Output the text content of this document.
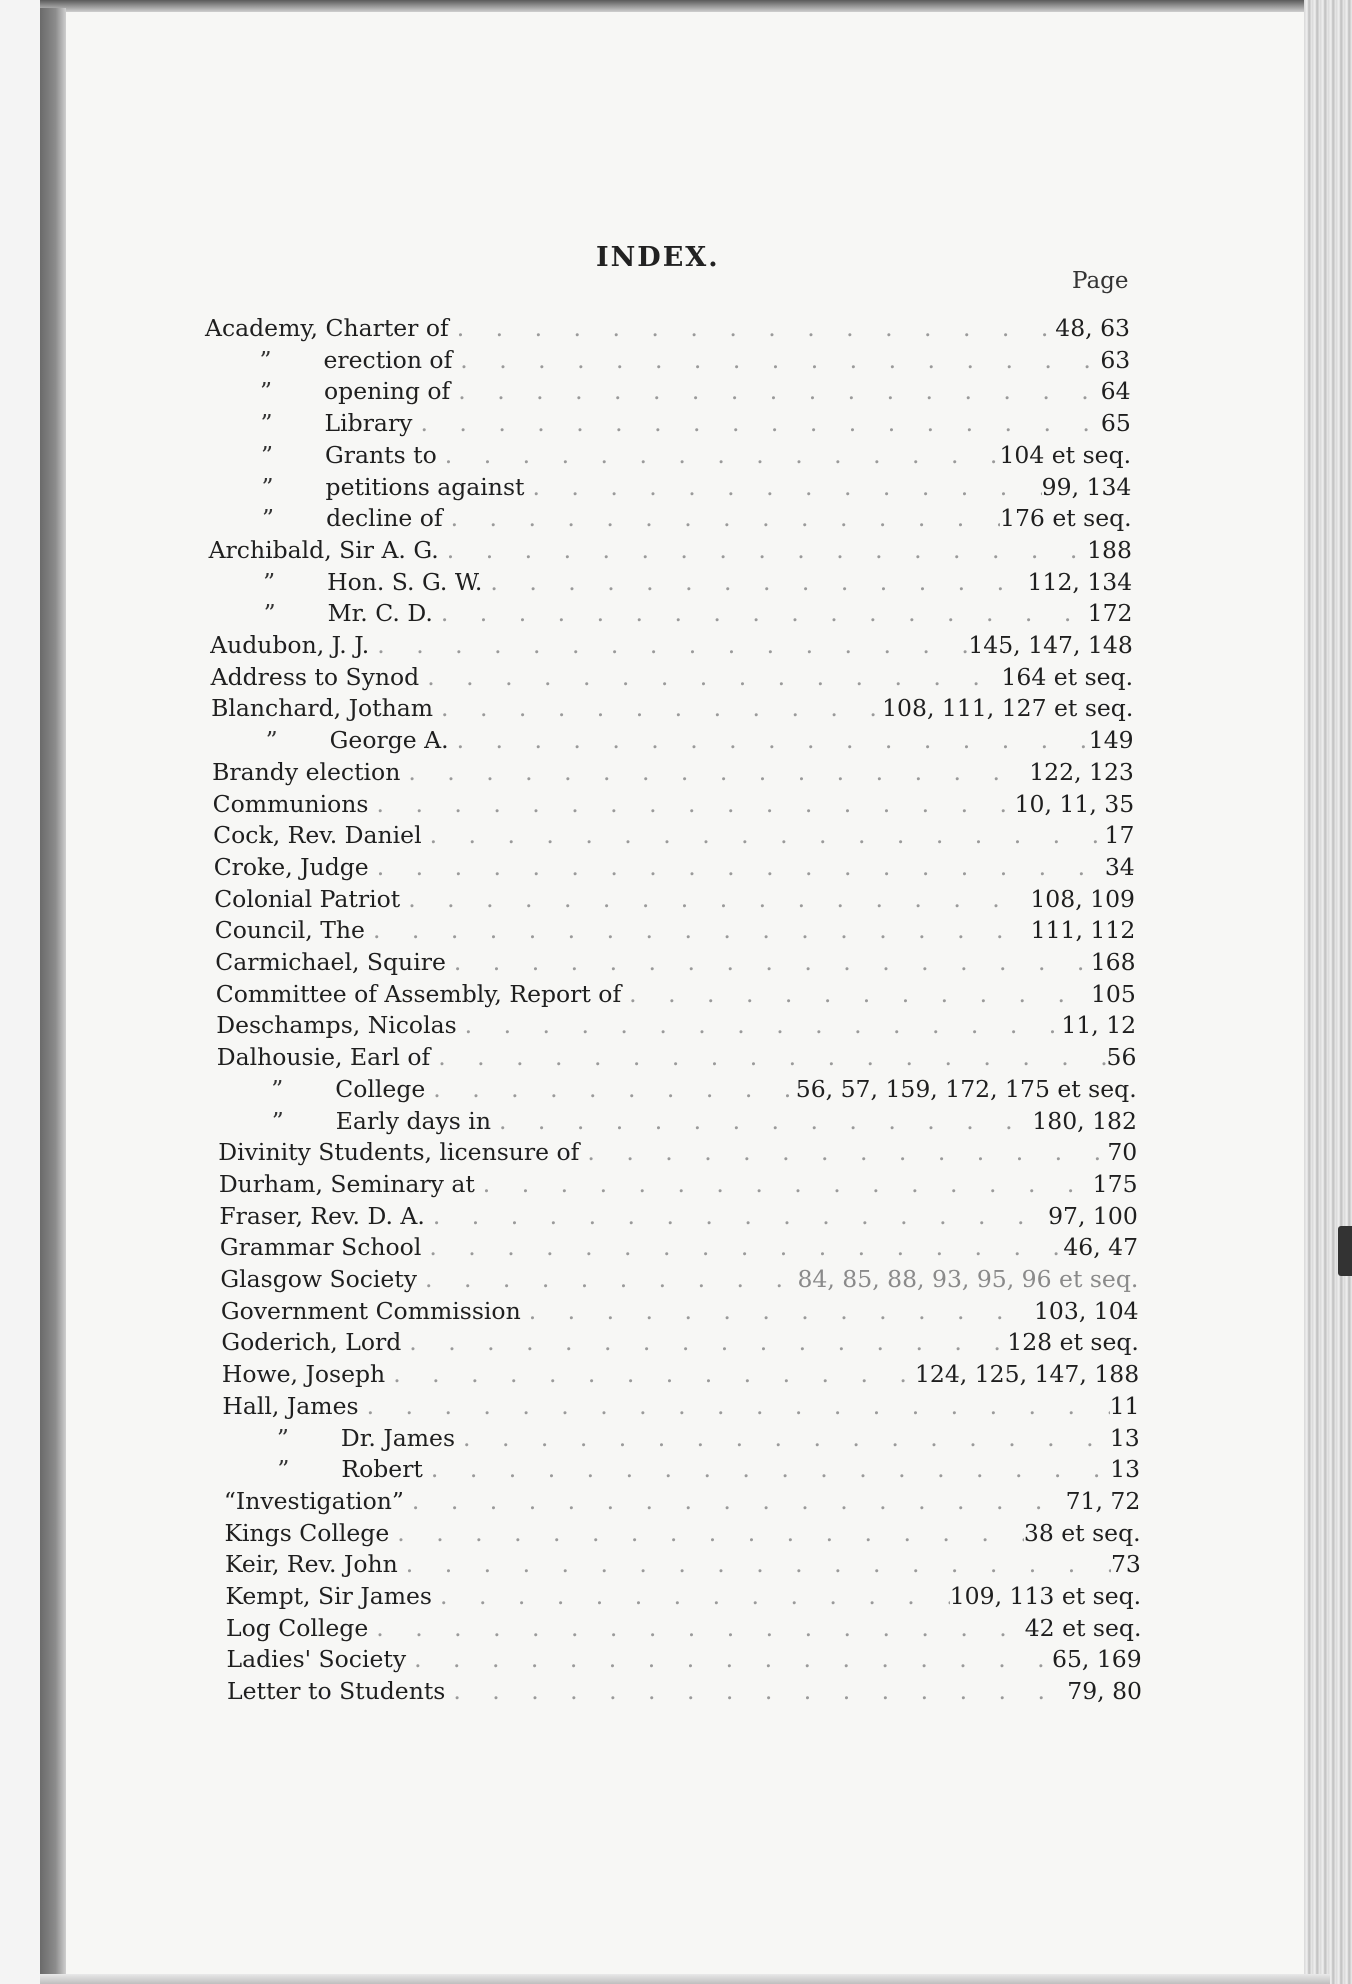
INDEX.
Page
Academy, Charter of . . .	48, 63
” erection of . . .	63
” opening of . . .	64
” Library . . .	65
” Grants to . . .	104 et seq.
” petitions against . . .	99, 134
” decline of . . .	176 et seq.
Archibald, Sir A. G. . . .	188
” Hon. S. G. W. . . .	112, 134
” Mr. C. D. . . .	172
Audubon, J. J. . . .	145, 147, 148
Address to Synod . . .	164 et seq.
Blanchard, Jotham . . .	108, 111, 127 et seq.
” George A. . . .	149
Brandy election . . .	122, 123
Communions . . .	10, 11, 35
Cock, Rev. Daniel . . .	17
Croke, Judge . . .	34
Colonial Patriot . . .	108, 109
Council, The . . .	111, 112
Carmichael, Squire . . .	168
Committee of Assembly, Report of . . .	105
Deschamps, Nicolas . . .	11, 12
Dalhousie, Earl of . . .	56
” College . . .	56, 57, 159, 172, 175 et seq.
” Early days in . . .	180, 182
Divinity Students, licensure of . . .	70
Durham, Seminary at . . .	175
Fraser, Rev. D. A. . . .	97, 100
Grammar School . . .	46, 47
Glasgow Society . . .	84, 85, 88, 93, 95, 96 et seq.
Government Commission . . .	103, 104
Goderich, Lord . . .	128 et seq.
Howe, Joseph . . .	124, 125, 147, 188
Hall, James . . .	11
” Dr. James . . .	13
” Robert . . .	13
“Investigation” . . .	71, 72
Kings College . . .	38 et seq.
Keir, Rev. John . . .	73
Kempt, Sir James . . .	109, 113 et seq.
Log College . . .	42 et seq.
Ladies' Society . . .	65, 169
Letter to Students . . .	79, 80
